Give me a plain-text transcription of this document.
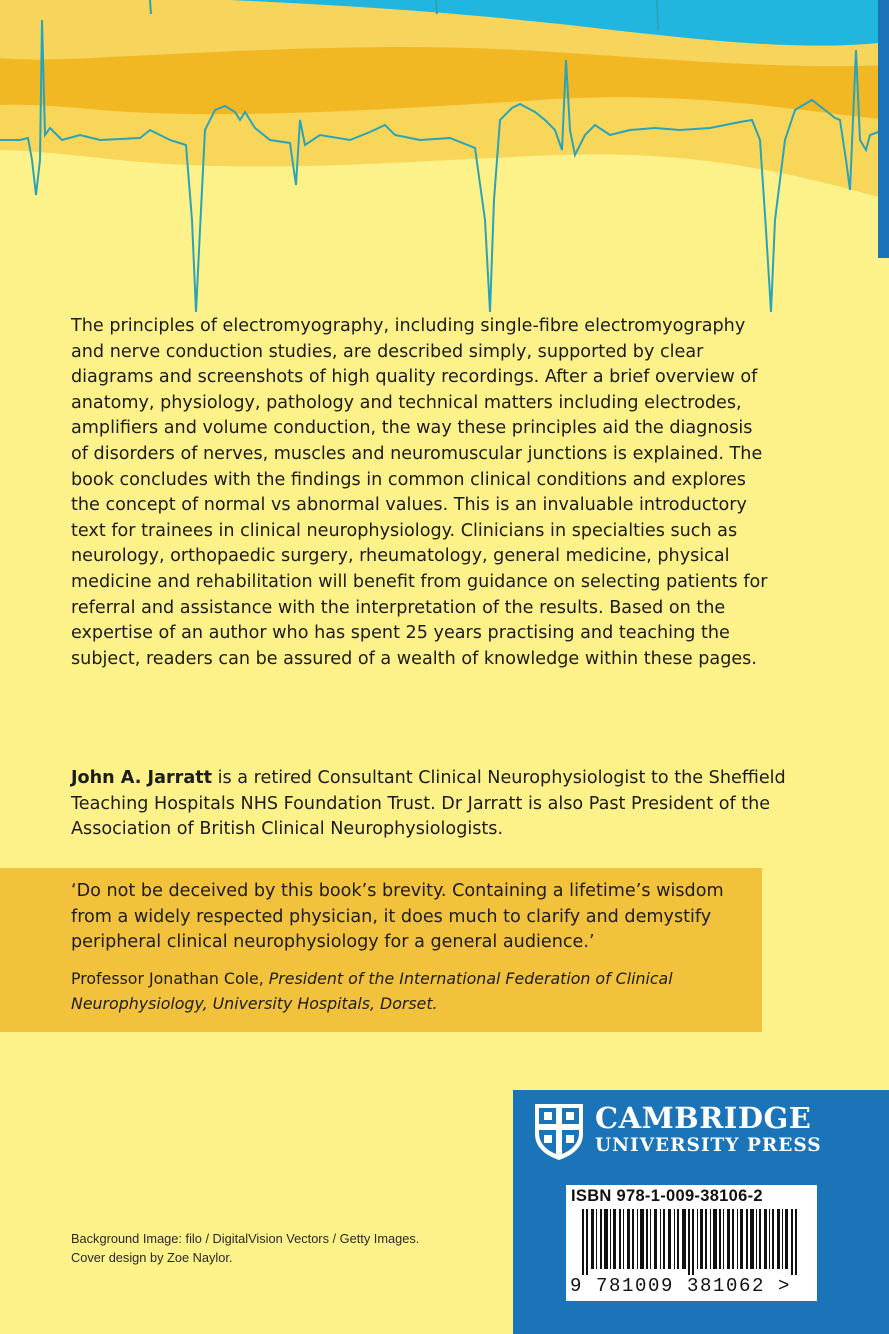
The principles of electromyography, including single-fibre electromyography and nerve conduction studies, are described simply, supported by clear diagrams and screenshots of high quality recordings. After a brief overview of anatomy, physiology, pathology and technical matters including electrodes, amplifiers and volume conduction, the way these principles aid the diagnosis of disorders of nerves, muscles and neuromuscular junctions is explained. The book concludes with the findings in common clinical conditions and explores the concept of normal vs abnormal values. This is an invaluable introductory text for trainees in clinical neurophysiology. Clinicians in specialties such as neurology, orthopaedic surgery, rheumatology, general medicine, physical medicine and rehabilitation will benefit from guidance on selecting patients for referral and assistance with the interpretation of the results. Based on the expertise of an author who has spent 25 years practising and teaching the subject, readers can be assured of a wealth of knowledge within these pages.

John A. Jarratt is a retired Consultant Clinical Neurophysiologist to the Sheffield Teaching Hospitals NHS Foundation Trust. Dr Jarratt is also Past President of the Association of British Clinical Neurophysiologists.

‘Do not be deceived by this book’s brevity. Containing a lifetime’s wisdom from a widely respected physician, it does much to clarify and demystify peripheral clinical neurophysiology for a general audience.’

Professor Jonathan Cole, President of the International Federation of Clinical Neurophysiology, University Hospitals, Dorset.

Background Image: filo / DigitalVision Vectors / Getty Images.
Cover design by Zoe Naylor.
CAMBRIDGE
UNIVERSITY PRESS
ISBN 978-1-009-38106-2
9 781009 381062 >
